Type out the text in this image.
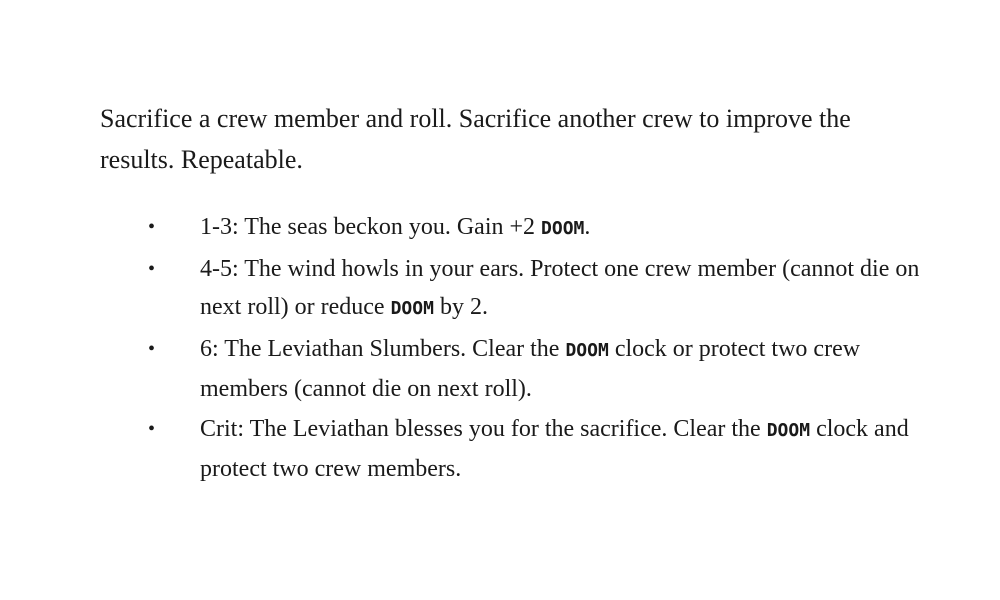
Sacrifice a crew member and roll. Sacrifice another crew to improve the results. Repeatable.

• 1-3: The seas beckon you. Gain +2 DOOM.
• 4-5: The wind howls in your ears. Protect one crew member (cannot die on next roll) or reduce DOOM by 2.
• 6: The Leviathan Slumbers. Clear the DOOM clock or protect two crew members (cannot die on next roll).
• Crit: The Leviathan blesses you for the sacrifice. Clear the DOOM clock and protect two crew members.
